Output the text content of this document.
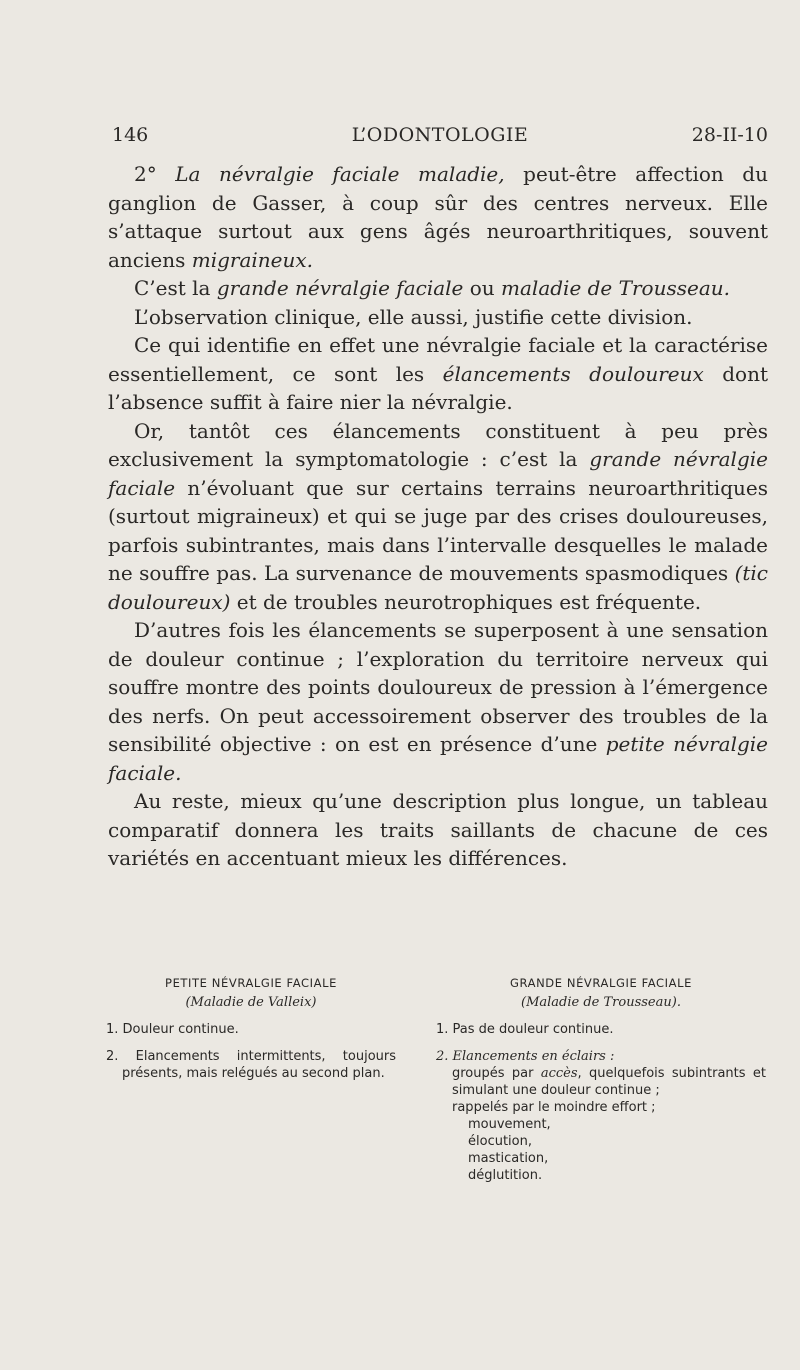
146	L’ODONTOLOGIE	28-II-10

2° La névralgie faciale maladie, peut-être affection du ganglion de Gasser, à coup sûr des centres nerveux. Elle s’attaque surtout aux gens âgés neuroarthritiques, souvent anciens migraineux.

C’est la grande névralgie faciale ou maladie de Trousseau.

L’observation clinique, elle aussi, justifie cette division.

Ce qui identifie en effet une névralgie faciale et la caractérise essentiellement, ce sont les élancements douloureux dont l’absence suffit à faire nier la névralgie.

Or, tantôt ces élancements constituent à peu près exclusivement la symptomatologie : c’est la grande névralgie faciale n’évoluant que sur certains terrains neuroarthritiques (surtout migraineux) et qui se juge par des crises douloureuses, parfois subintrantes, mais dans l’intervalle desquelles le malade ne souffre pas. La survenance de mouvements spasmodiques (tic douloureux) et de troubles neurotrophiques est fréquente.

D’autres fois les élancements se superposent à une sensation de douleur continue ; l’exploration du territoire nerveux qui souffre montre des points douloureux de pression à l’émergence des nerfs. On peut accessoirement observer des troubles de la sensibilité objective : on est en présence d’une petite névralgie faciale.

Au reste, mieux qu’une description plus longue, un tableau comparatif donnera les traits saillants de chacune de ces variétés en accentuant mieux les différences.

PETITE NÉVRALGIE FACIALE
(Maladie de Valleix)
1. Douleur continue.
2. Elancements intermittents, toujours présents, mais relégués au second plan.
GRANDE NÉVRALGIE FACIALE
(Maladie de Trousseau).
1. Pas de douleur continue.
2. Elancements en éclairs :
groupés par accès, quelquefois subintrants et simulant une douleur continue ;
rappelés par le moindre effort ;
mouvement,
élocution,
mastication,
déglutition.
